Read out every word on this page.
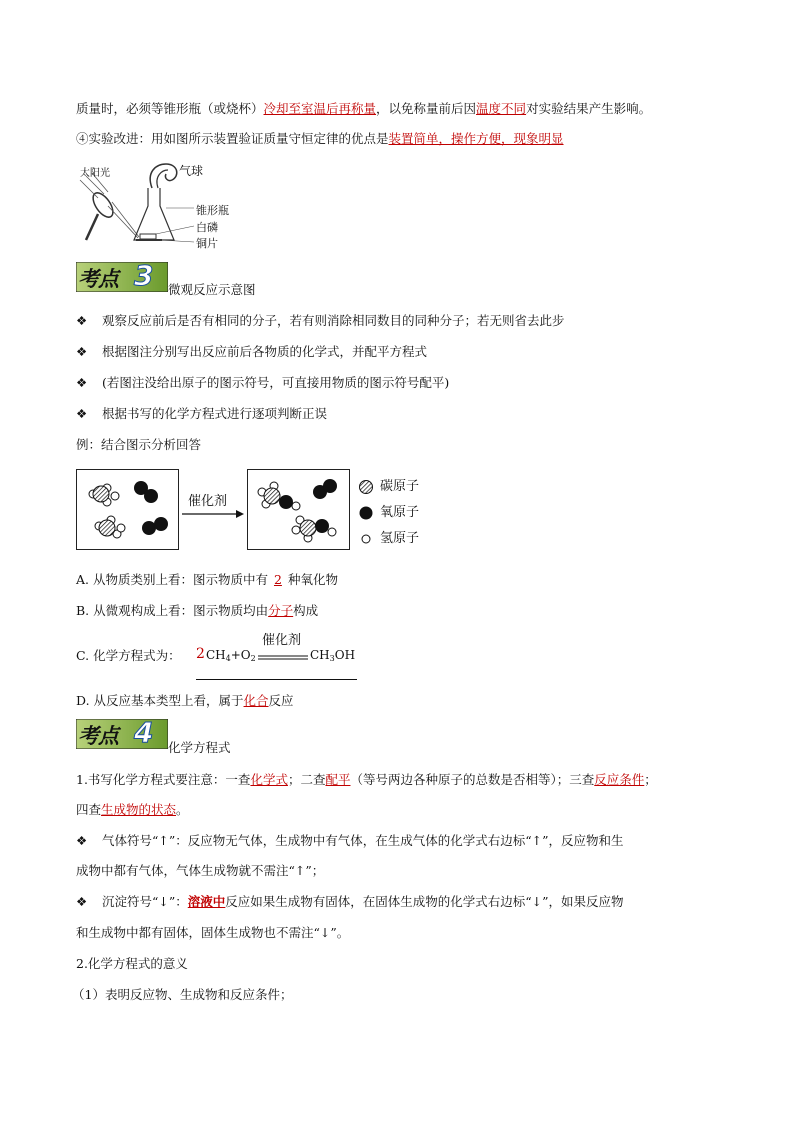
质量时，必须等锥形瓶（或烧杯）冷却至室温后再称量，以免称量前后因温度不同对实验结果产生影响。
④实验改进：用如图所示装置验证质量守恒定律的优点是装置简单，操作方便，现象明显
太阳光	气球
锥形瓶
白磷
铜片
考点 3 微观反应示意图
❖ 观察反应前后是否有相同的分子，若有则消除相同数目的同种分子；若无则省去此步
❖ 根据图注分别写出反应前后各物质的化学式，并配平方程式
❖ (若图注没给出原子的图示符号，可直接用物质的图示符号配平)
❖ 根据书写的化学方程式进行逐项判断正误
例：结合图示分析回答
催化剂
碳原子
氧原子
氢原子
A. 从物质类别上看：图示物质中有 2 种氧化物
B. 从微观构成上看：图示物质均由分子构成
C. 化学方程式为： 2 $CH_4+O_2$
催化剂
$CH_3OH$
D. 从反应基本类型上看，属于化合反应
考点 4 化学方程式
1.书写化学方程式要注意：一查化学式；二查配平（等号两边各种原子的总数是否相等）；三查反应条件；
四查生成物的状态。
❖ 气体符号“↑”：反应物无气体，生成物中有气体，在生成气体的化学式右边标“↑”，反应物和生
成物中都有气体，气体生成物就不需注“↑”；
❖ 沉淀符号“↓”：溶液中反应如果生成物有固体，在固体生成物的化学式右边标“↓”，如果反应物
和生成物中都有固体，固体生成物也不需注“↓”。
2.化学方程式的意义
（1）表明反应物、生成物和反应条件；
